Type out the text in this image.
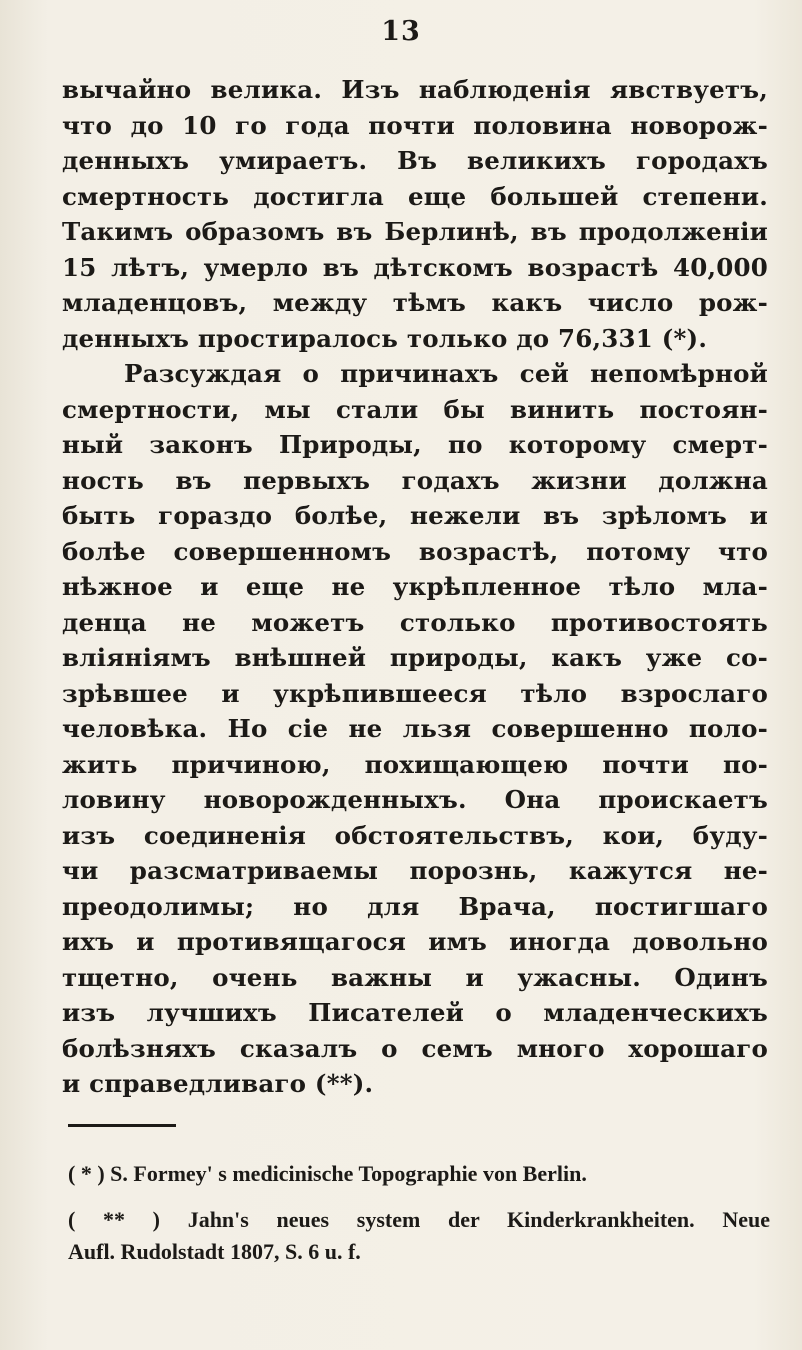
13
вычайно велика. Изъ наблюденія явствуетъ,
что до 10 го года почти половина новорож-
денныхъ умираетъ. Въ великихъ городахъ
смертность достигла еще большей степени.
Такимъ образомъ въ Берлинѣ, въ продолженіи
15 лѣтъ, умерло въ дѣтскомъ возрастѣ 40,000
младенцовъ, между тѣмъ какъ число рож-
денныхъ простиралось только до 76,331 (*).
Разсуждая о причинахъ сей непомѣрной
смертности, мы стали бы винить постоян-
ный законъ Природы, по которому смерт-
ность въ первыхъ годахъ жизни должна
быть гораздо болѣе, нежели въ зрѣломъ и
болѣе совершенномъ возрастѣ, потому что
нѣжное и еще не укрѣпленное тѣло мла-
денца не можетъ столько противостоять
вліяніямъ внѣшней природы, какъ уже со-
зрѣвшее и укрѣпившееся тѣло взрослаго
человѣка. Но сіе не льзя совершенно поло-
жить причиною, похищающею почти по-
ловину новорожденныхъ. Она проискаетъ
изъ соединенія обстоятельствъ, кои, буду-
чи разсматриваемы порознь, кажутся не-
преодолимы; но для Врача, постигшаго
ихъ и противящагося имъ иногда довольно
тщетно, очень важны и ужасны. Одинъ
изъ лучшихъ Писателей о младенческихъ
болѣзняхъ сказалъ о семъ много хорошаго
и справедливаго (**).
( * ) S. Formey' s medicinische Topographie von Berlin.
( ** ) Jahn's neues system der Kinderkrankheiten. Neue
Aufl. Rudolstadt 1807, S. 6 u. f.
